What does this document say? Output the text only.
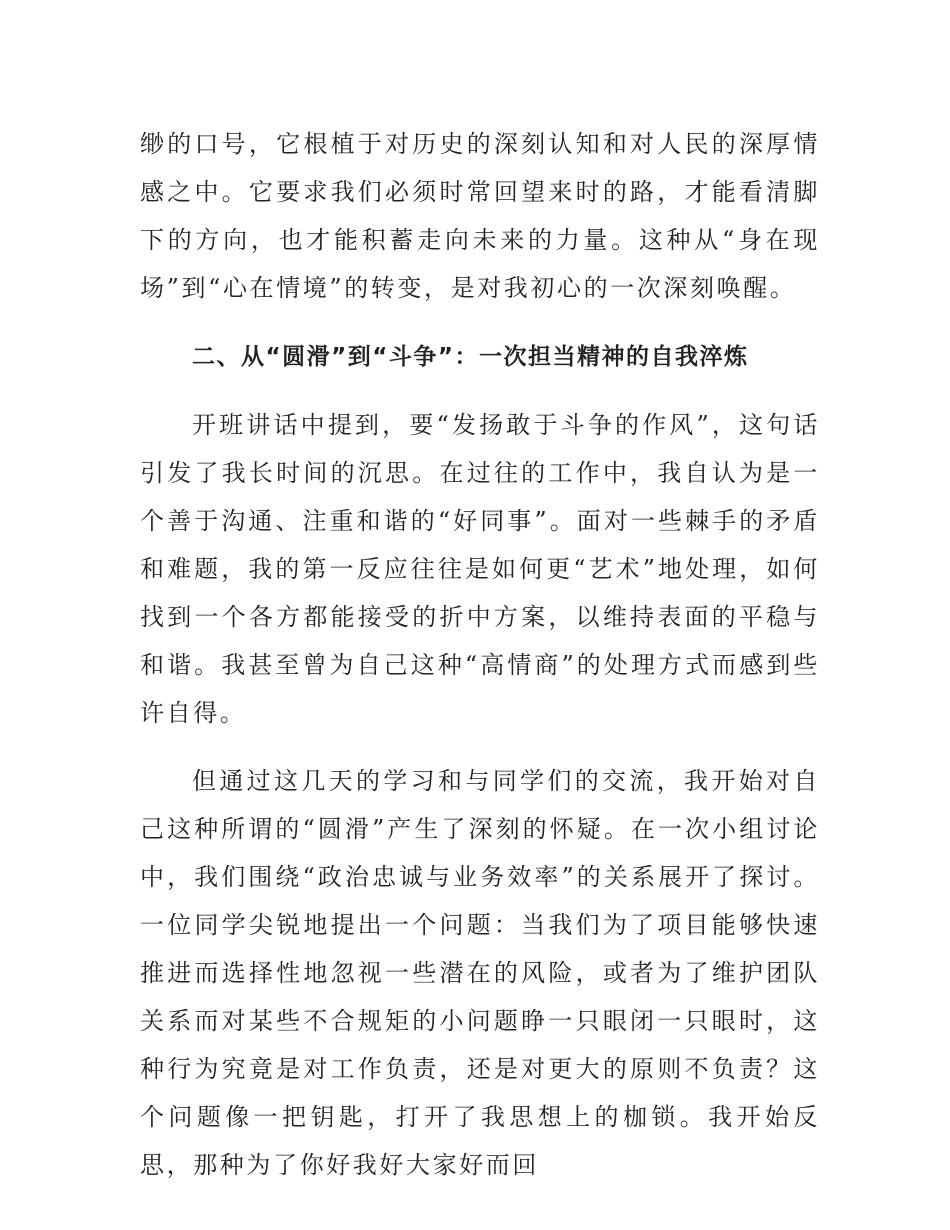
缈的口号，它根植于对历史的深刻认知和对人民的深厚情感之中。它要求我们必须时常回望来时的路，才能看清脚下的方向，也才能积蓄走向未来的力量。这种从“身在现场”到“心在情境”的转变，是对我初心的一次深刻唤醒。

二、从“圆滑”到“斗争”：一次担当精神的自我淬炼

开班讲话中提到，要“发扬敢于斗争的作风”，这句话引发了我长时间的沉思。在过往的工作中，我自认为是一个善于沟通、注重和谐的“好同事”。面对一些棘手的矛盾和难题，我的第一反应往往是如何更“艺术”地处理，如何找到一个各方都能接受的折中方案，以维持表面的平稳与和谐。我甚至曾为自己这种“高情商”的处理方式而感到些许自得。

但通过这几天的学习和与同学们的交流，我开始对自己这种所谓的“圆滑”产生了深刻的怀疑。在一次小组讨论中，我们围绕“政治忠诚与业务效率”的关系展开了探讨。一位同学尖锐地提出一个问题：当我们为了项目能够快速推进而选择性地忽视一些潜在的风险，或者为了维护团队关系而对某些不合规矩的小问题睁一只眼闭一只眼时，这种行为究竟是对工作负责，还是对更大的原则不负责？这个问题像一把钥匙，打开了我思想上的枷锁。我开始反思，那种为了你好我好大家好而回
